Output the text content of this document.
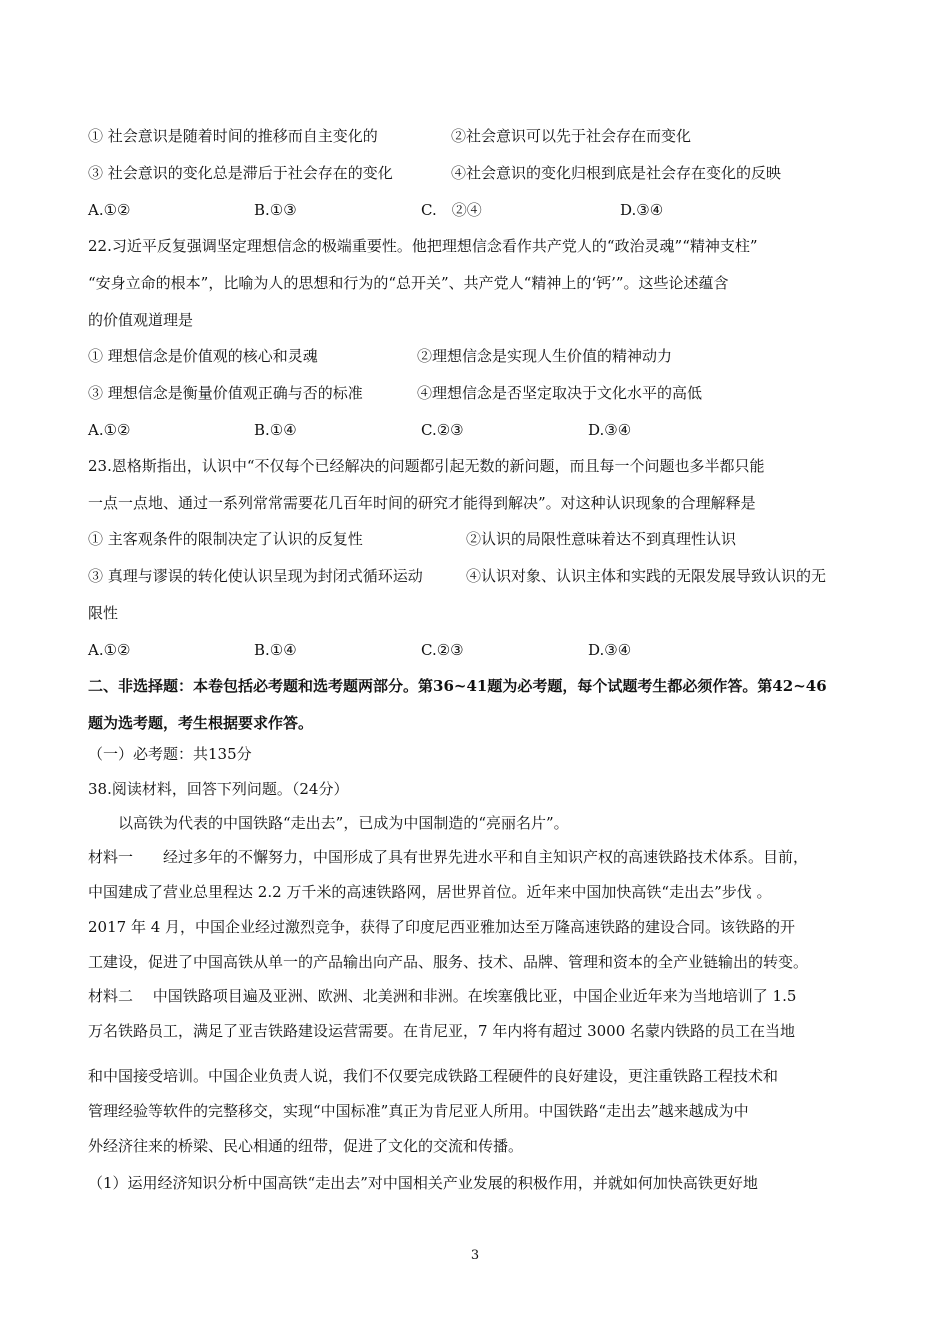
① 社会意识是随着时间的推移而自主变化的	②社会意识可以先于社会存在而变化
③ 社会意识的变化总是滞后于社会存在的变化	④社会意识的变化归根到底是社会存在变化的反映
A.①②	B.①③	C.　②④	D.③④
22.习近平反复强调坚定理想信念的极端重要性。他把理想信念看作共产党人的“政治灵魂”“精神支柱”
“安身立命的根本”，比喻为人的思想和行为的“总开关”、共产党人“精神上的‘钙’”。这些论述蕴含
的价值观道理是
① 理想信念是价值观的核心和灵魂	②理想信念是实现人生价值的精神动力
③ 理想信念是衡量价值观正确与否的标准	④理想信念是否坚定取决于文化水平的高低
A.①②	B.①④	C.②③	D.③④
23.恩格斯指出，认识中“不仅每个已经解决的问题都引起无数的新问题，而且每一个问题也多半都只能
一点一点地、通过一系列常常需要花几百年时间的研究才能得到解决”。对这种认识现象的合理解释是
① 主客观条件的限制决定了认识的反复性	②认识的局限性意味着达不到真理性认识
③ 真理与谬误的转化使认识呈现为封闭式循环运动	④认识对象、认识主体和实践的无限发展导致认识的无
限性
A.①②	B.①④	C.②③	D.③④
二、非选择题：本卷包括必考题和选考题两部分。第36~41题为必考题，每个试题考生都必须作答。第42~46
题为选考题，考生根据要求作答。
（一）必考题：共135分
38.阅读材料，回答下列问题。（24分）
以高铁为代表的中国铁路“走出去”，已成为中国制造的“亮丽名片”。
材料一　　经过多年的不懈努力，中国形成了具有世界先进水平和自主知识产权的高速铁路技术体系。目前，
中国建成了营业总里程达 2.2 万千米的高速铁路网，居世界首位。近年来中国加快高铁“走出去”步伐 。
2017 年 4 月，中国企业经过激烈竞争，获得了印度尼西亚雅加达至万隆高速铁路的建设合同。该铁路的开
工建设，促进了中国高铁从单一的产品输出向产品、服务、技术、品牌、管理和资本的全产业链输出的转变。
材料二　 中国铁路项目遍及亚洲、欧洲、北美洲和非洲。在埃塞俄比亚，中国企业近年来为当地培训了 1.5
万名铁路员工，满足了亚吉铁路建设运营需要。在肯尼亚，7 年内将有超过 3000 名蒙内铁路的员工在当地
和中国接受培训。中国企业负责人说，我们不仅要完成铁路工程硬件的良好建设，更注重铁路工程技术和
管理经验等软件的完整移交，实现“中国标准”真正为肯尼亚人所用。中国铁路“走出去”越来越成为中
外经济往来的桥梁、民心相通的纽带，促进了文化的交流和传播。
（1）运用经济知识分析中国高铁“走出去”对中国相关产业发展的积极作用，并就如何加快高铁更好地
3
